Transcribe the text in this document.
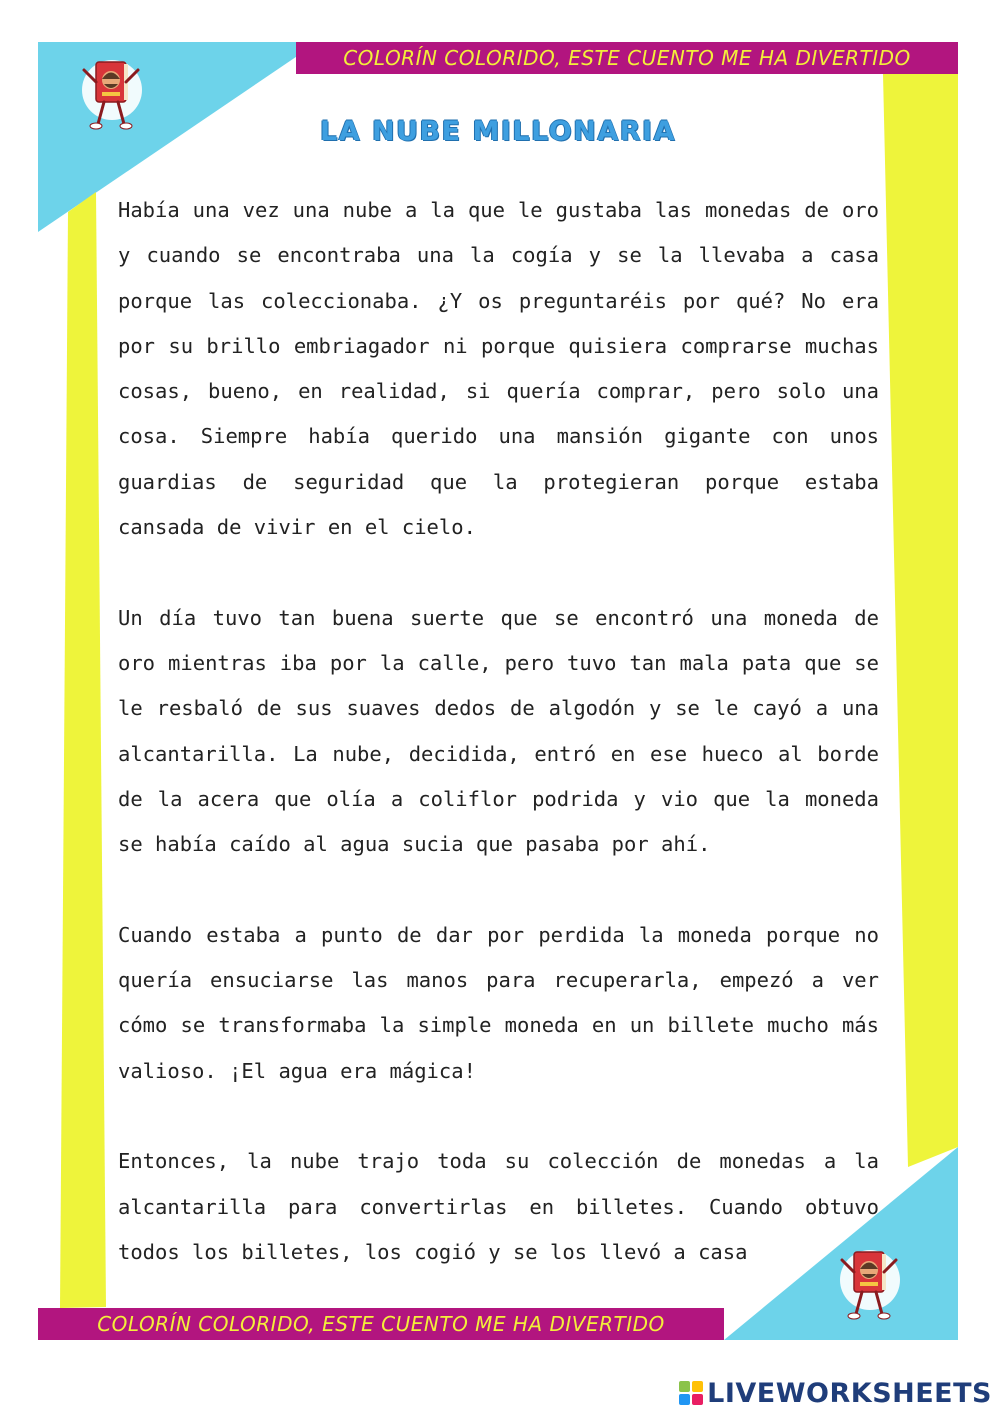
COLORÍN COLORIDO, ESTE CUENTO ME HA DIVERTIDO
COLORÍN COLORIDO, ESTE CUENTO ME HA DIVERTIDO
LA NUBE MILLONARIA

Había una vez una nube a la que le gustaba las monedas de oro y cuando se encontraba una la cogía y se la llevaba a casa porque las coleccionaba. ¿Y os preguntaréis por qué? No era por su brillo embriagador ni porque quisiera comprarse muchas cosas, bueno, en realidad, si quería comprar, pero solo una cosa. Siempre había querido una mansión gigante con unos guardias de seguridad que la protegieran porque estaba cansada de vivir en el cielo.

Un día tuvo tan buena suerte que se encontró una moneda de oro mientras iba por la calle, pero tuvo tan mala pata que se le resbaló de sus suaves dedos de algodón y se le cayó a una alcantarilla. La nube, decidida, entró en ese hueco al borde de la acera que olía a coliflor podrida y vio que la moneda se había caído al agua sucia que pasaba por ahí.

Cuando estaba a punto de dar por perdida la moneda porque no quería ensuciarse las manos para recuperarla, empezó a ver cómo se transformaba la simple moneda en un billete mucho más valioso. ¡El agua era mágica!

Entonces, la nube trajo toda su colección de monedas a la alcantarilla para convertirlas en billetes. Cuando obtuvo todos los billetes, los cogió y se los llevó a casa

LIVEWORKSHEETS
